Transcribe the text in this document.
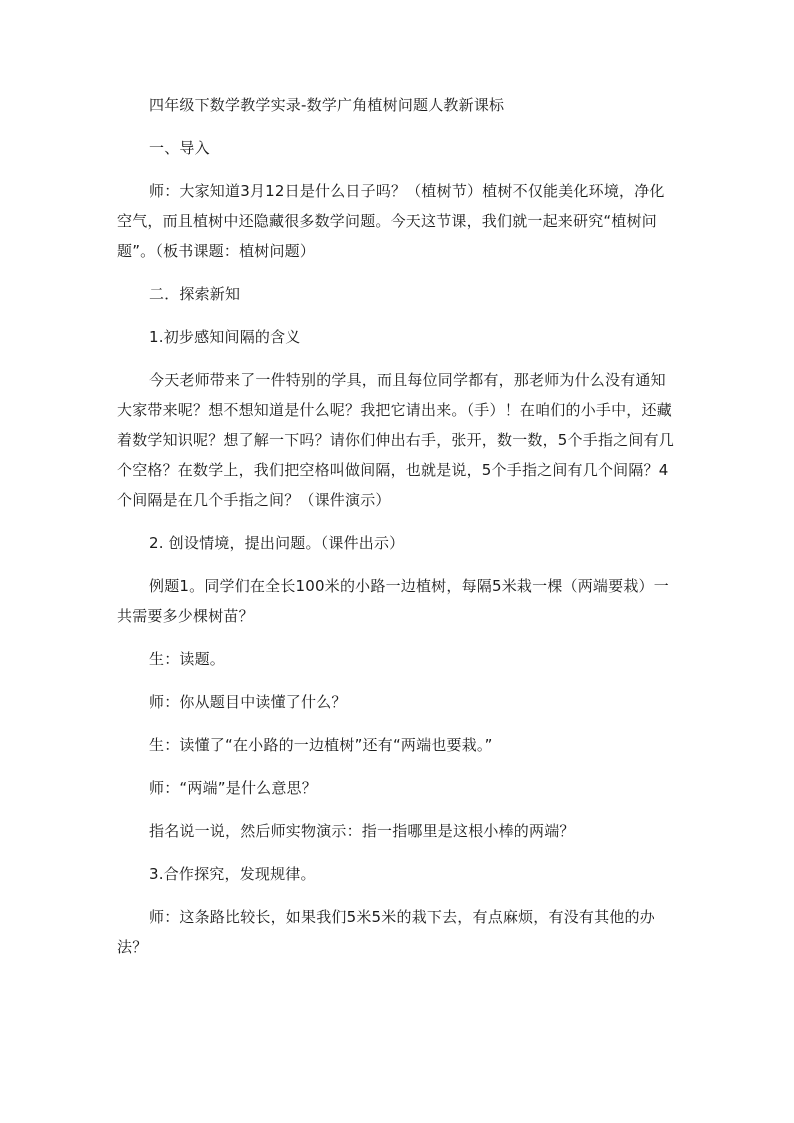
四年级下数学教学实录-数学广角植树问题人教新课标

一、导入

师：大家知道3月12日是什么日子吗？（植树节）植树不仅能美化环境，净化空气，而且植树中还隐藏很多数学问题。今天这节课，我们就一起来研究“植树问题”。（板书课题：植树问题）

二．探索新知

1.初步感知间隔的含义

今天老师带来了一件特别的学具，而且每位同学都有，那老师为什么没有通知大家带来呢？想不想知道是什么呢？我把它请出来。（手）！在咱们的小手中，还藏着数学知识呢？想了解一下吗？请你们伸出右手，张开，数一数，5个手指之间有几个空格？在数学上，我们把空格叫做间隔，也就是说，5个手指之间有几个间隔？4个间隔是在几个手指之间？（课件演示）

2. 创设情境，提出问题。（课件出示）

例题1。同学们在全长100米的小路一边植树，每隔5米栽一棵（两端要栽）一共需要多少棵树苗？

生：读题。

师：你从题目中读懂了什么？

生：读懂了“在小路的一边植树”还有“两端也要栽。”

师：“两端”是什么意思？

指名说一说，然后师实物演示：指一指哪里是这根小棒的两端？

3.合作探究，发现规律。

师：这条路比较长，如果我们5米5米的栽下去，有点麻烦，有没有其他的办法？
